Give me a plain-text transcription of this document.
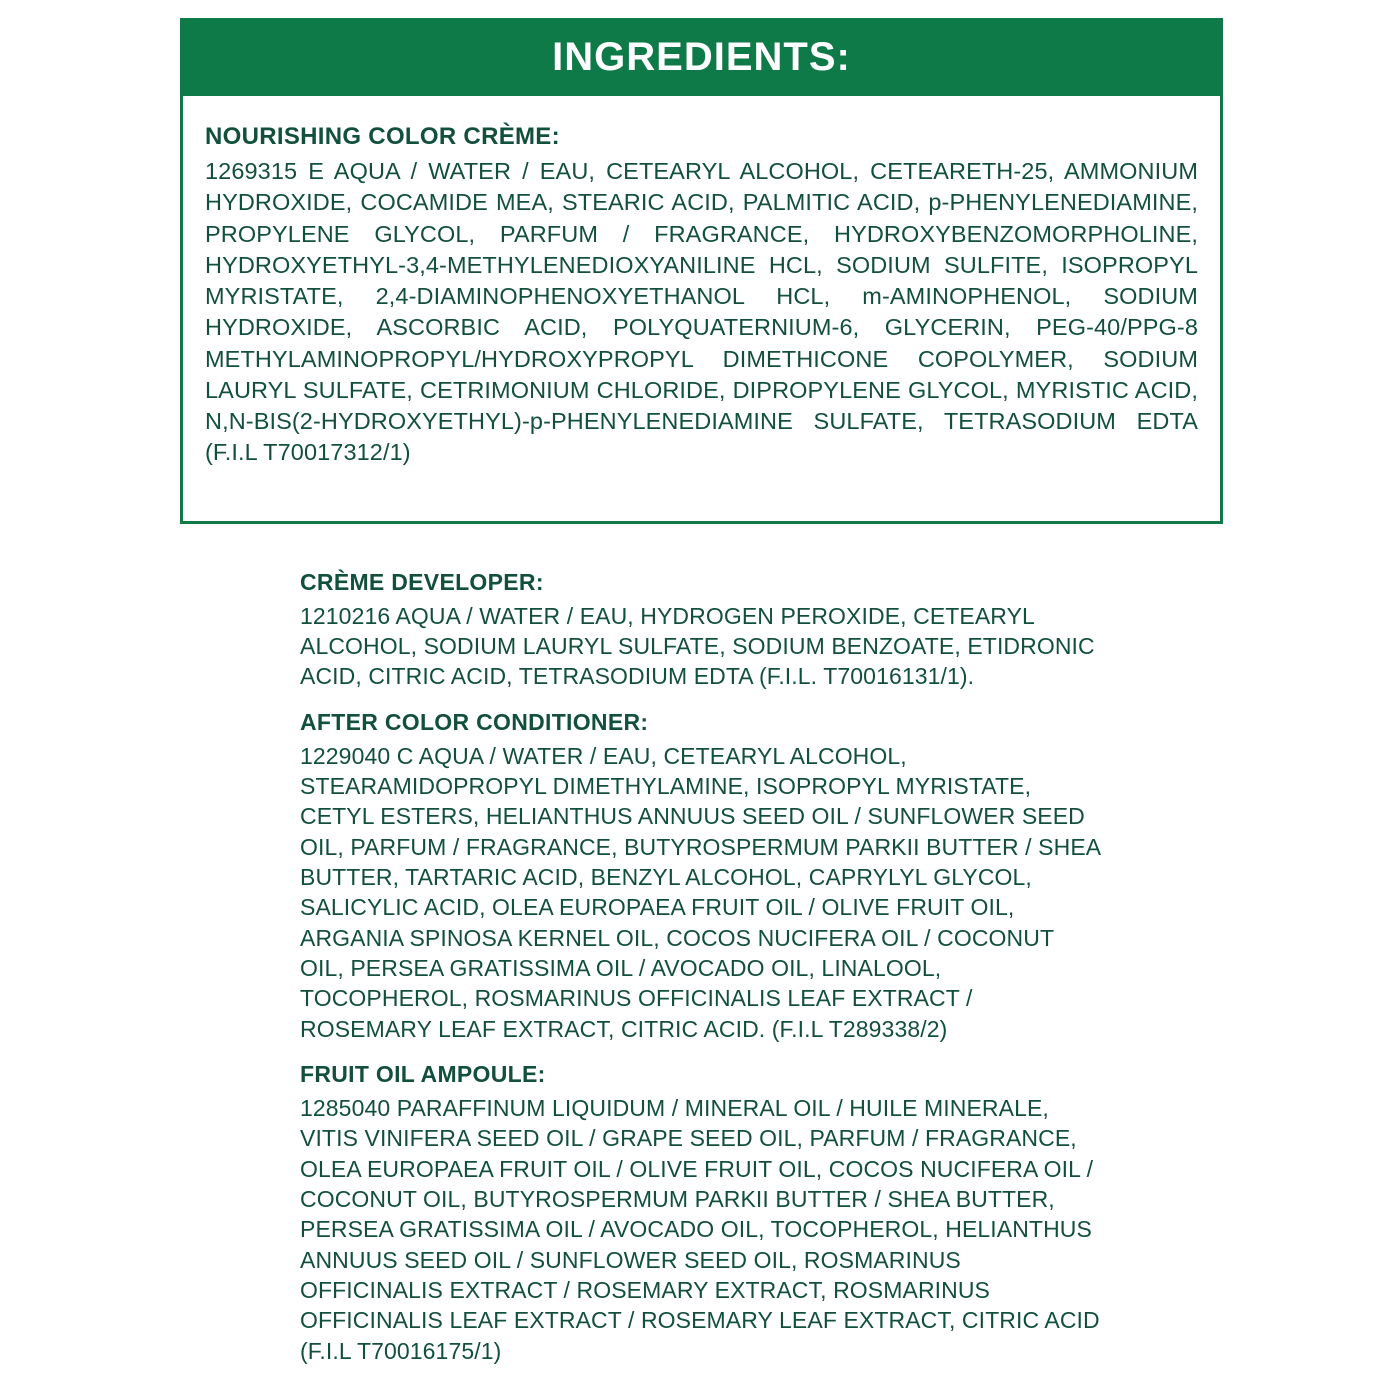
INGREDIENTS:
NOURISHING COLOR CRÈME:
1269315 E AQUA / WATER / EAU, CETEARYL ALCOHOL, CETEARETH-25, AMMONIUM HYDROXIDE, COCAMIDE MEA, STEARIC ACID, PALMITIC ACID, p-PHENYLENEDIAMINE, PROPYLENE GLYCOL, PARFUM / FRAGRANCE, HYDROXYBENZOMORPHOLINE, HYDROXYETHYL-3,4-METHYLENEDIOXYANILINE HCL, SODIUM SULFITE, ISOPROPYL MYRISTATE, 2,4-DIAMINOPHENOXYETHANOL HCL, m-AMINOPHENOL, SODIUM HYDROXIDE, ASCORBIC ACID, POLYQUATERNIUM-6, GLYCERIN, PEG-40/PPG-8 METHYLAMINOPROPYL/HYDROXYPROPYL DIMETHICONE COPOLYMER, SODIUM LAURYL SULFATE, CETRIMONIUM CHLORIDE, DIPROPYLENE GLYCOL, MYRISTIC ACID, N,N-BIS(2-HYDROXYETHYL)-p-PHENYLENEDIAMINE SULFATE, TETRASODIUM EDTA (F.I.L T70017312/1)
CRÈME DEVELOPER:
1210216 AQUA / WATER / EAU, HYDROGEN PEROXIDE, CETEARYL ALCOHOL, SODIUM LAURYL SULFATE, SODIUM BENZOATE, ETIDRONIC ACID, CITRIC ACID, TETRASODIUM EDTA (F.I.L. T70016131/1).
AFTER COLOR CONDITIONER:
1229040 C AQUA / WATER / EAU, CETEARYL ALCOHOL, STEARAMIDOPROPYL DIMETHYLAMINE, ISOPROPYL MYRISTATE, CETYL ESTERS, HELIANTHUS ANNUUS SEED OIL / SUNFLOWER SEED OIL, PARFUM / FRAGRANCE, BUTYROSPERMUM PARKII BUTTER / SHEA BUTTER, TARTARIC ACID, BENZYL ALCOHOL, CAPRYLYL GLYCOL, SALICYLIC ACID, OLEA EUROPAEA FRUIT OIL / OLIVE FRUIT OIL, ARGANIA SPINOSA KERNEL OIL, COCOS NUCIFERA OIL / COCONUT OIL, PERSEA GRATISSIMA OIL / AVOCADO OIL, LINALOOL, TOCOPHEROL, ROSMARINUS OFFICINALIS LEAF EXTRACT / ROSEMARY LEAF EXTRACT, CITRIC ACID. (F.I.L T289338/2)
FRUIT OIL AMPOULE:
1285040 PARAFFINUM LIQUIDUM / MINERAL OIL / HUILE MINERALE, VITIS VINIFERA SEED OIL / GRAPE SEED OIL, PARFUM / FRAGRANCE, OLEA EUROPAEA FRUIT OIL / OLIVE FRUIT OIL, COCOS NUCIFERA OIL / COCONUT OIL, BUTYROSPERMUM PARKII BUTTER / SHEA BUTTER, PERSEA GRATISSIMA OIL / AVOCADO OIL, TOCOPHEROL, HELIANTHUS ANNUUS SEED OIL / SUNFLOWER SEED OIL, ROSMARINUS OFFICINALIS EXTRACT / ROSEMARY EXTRACT, ROSMARINUS OFFICINALIS LEAF EXTRACT / ROSEMARY LEAF EXTRACT, CITRIC ACID (F.I.L T70016175/1)
